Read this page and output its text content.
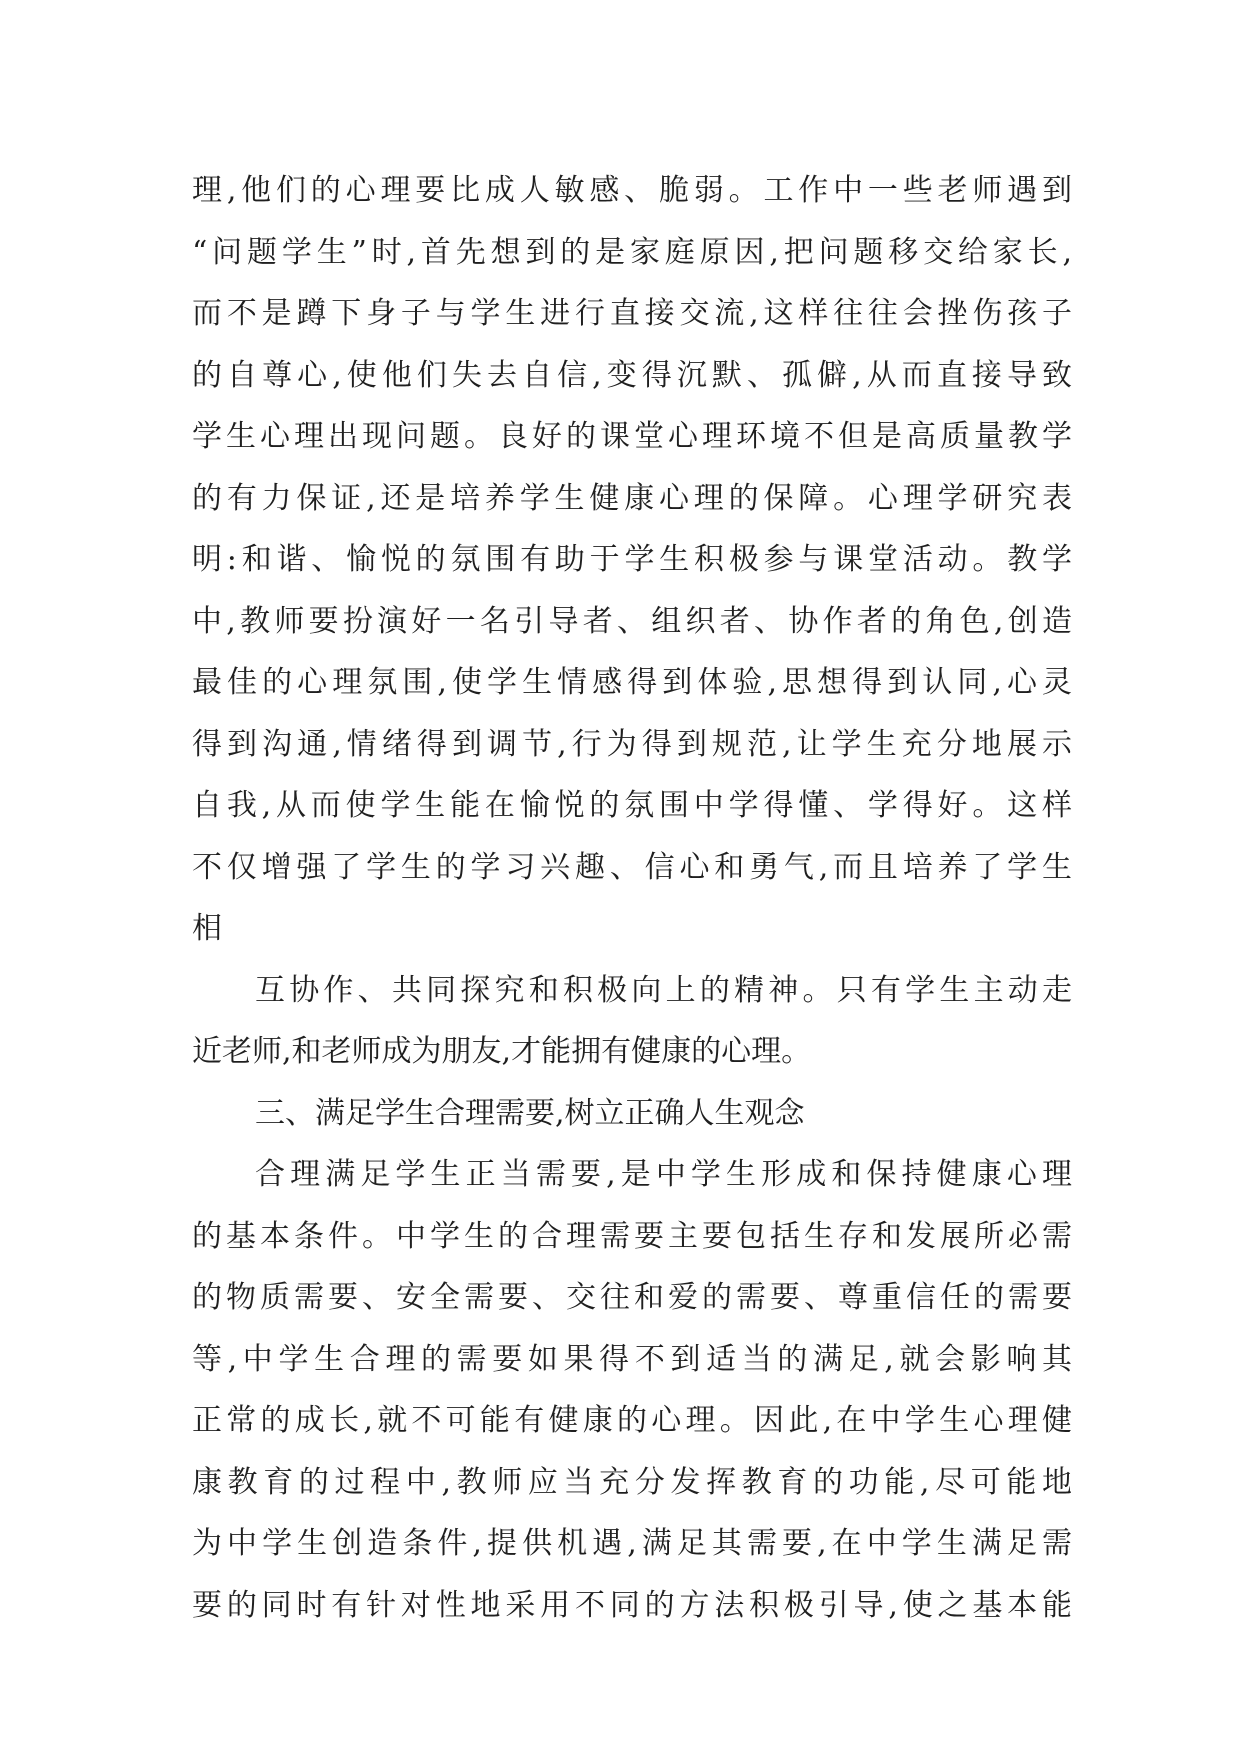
理,他们的心理要比成人敏感、脆弱。工作中一些老师遇到
“问题学生”时,首先想到的是家庭原因,把问题移交给家长,
而不是蹲下身子与学生进行直接交流,这样往往会挫伤孩子
的自尊心,使他们失去自信,变得沉默、孤僻,从而直接导致
学生心理出现问题。良好的课堂心理环境不但是高质量教学
的有力保证,还是培养学生健康心理的保障。心理学研究表
明:和谐、愉悦的氛围有助于学生积极参与课堂活动。教学
中,教师要扮演好一名引导者、组织者、协作者的角色,创造
最佳的心理氛围,使学生情感得到体验,思想得到认同,心灵
得到沟通,情绪得到调节,行为得到规范,让学生充分地展示
自我,从而使学生能在愉悦的氛围中学得懂、学得好。这样
不仅增强了学生的学习兴趣、信心和勇气,而且培养了学生
相
互协作、共同探究和积极向上的精神。只有学生主动走
近老师,和老师成为朋友,才能拥有健康的心理。
三、满足学生合理需要,树立正确人生观念
合理满足学生正当需要,是中学生形成和保持健康心理
的基本条件。中学生的合理需要主要包括生存和发展所必需
的物质需要、安全需要、交往和爱的需要、尊重信任的需要
等,中学生合理的需要如果得不到适当的满足,就会影响其
正常的成长,就不可能有健康的心理。因此,在中学生心理健
康教育的过程中,教师应当充分发挥教育的功能,尽可能地
为中学生创造条件,提供机遇,满足其需要,在中学生满足需
要的同时有针对性地采用不同的方法积极引导,使之基本能
